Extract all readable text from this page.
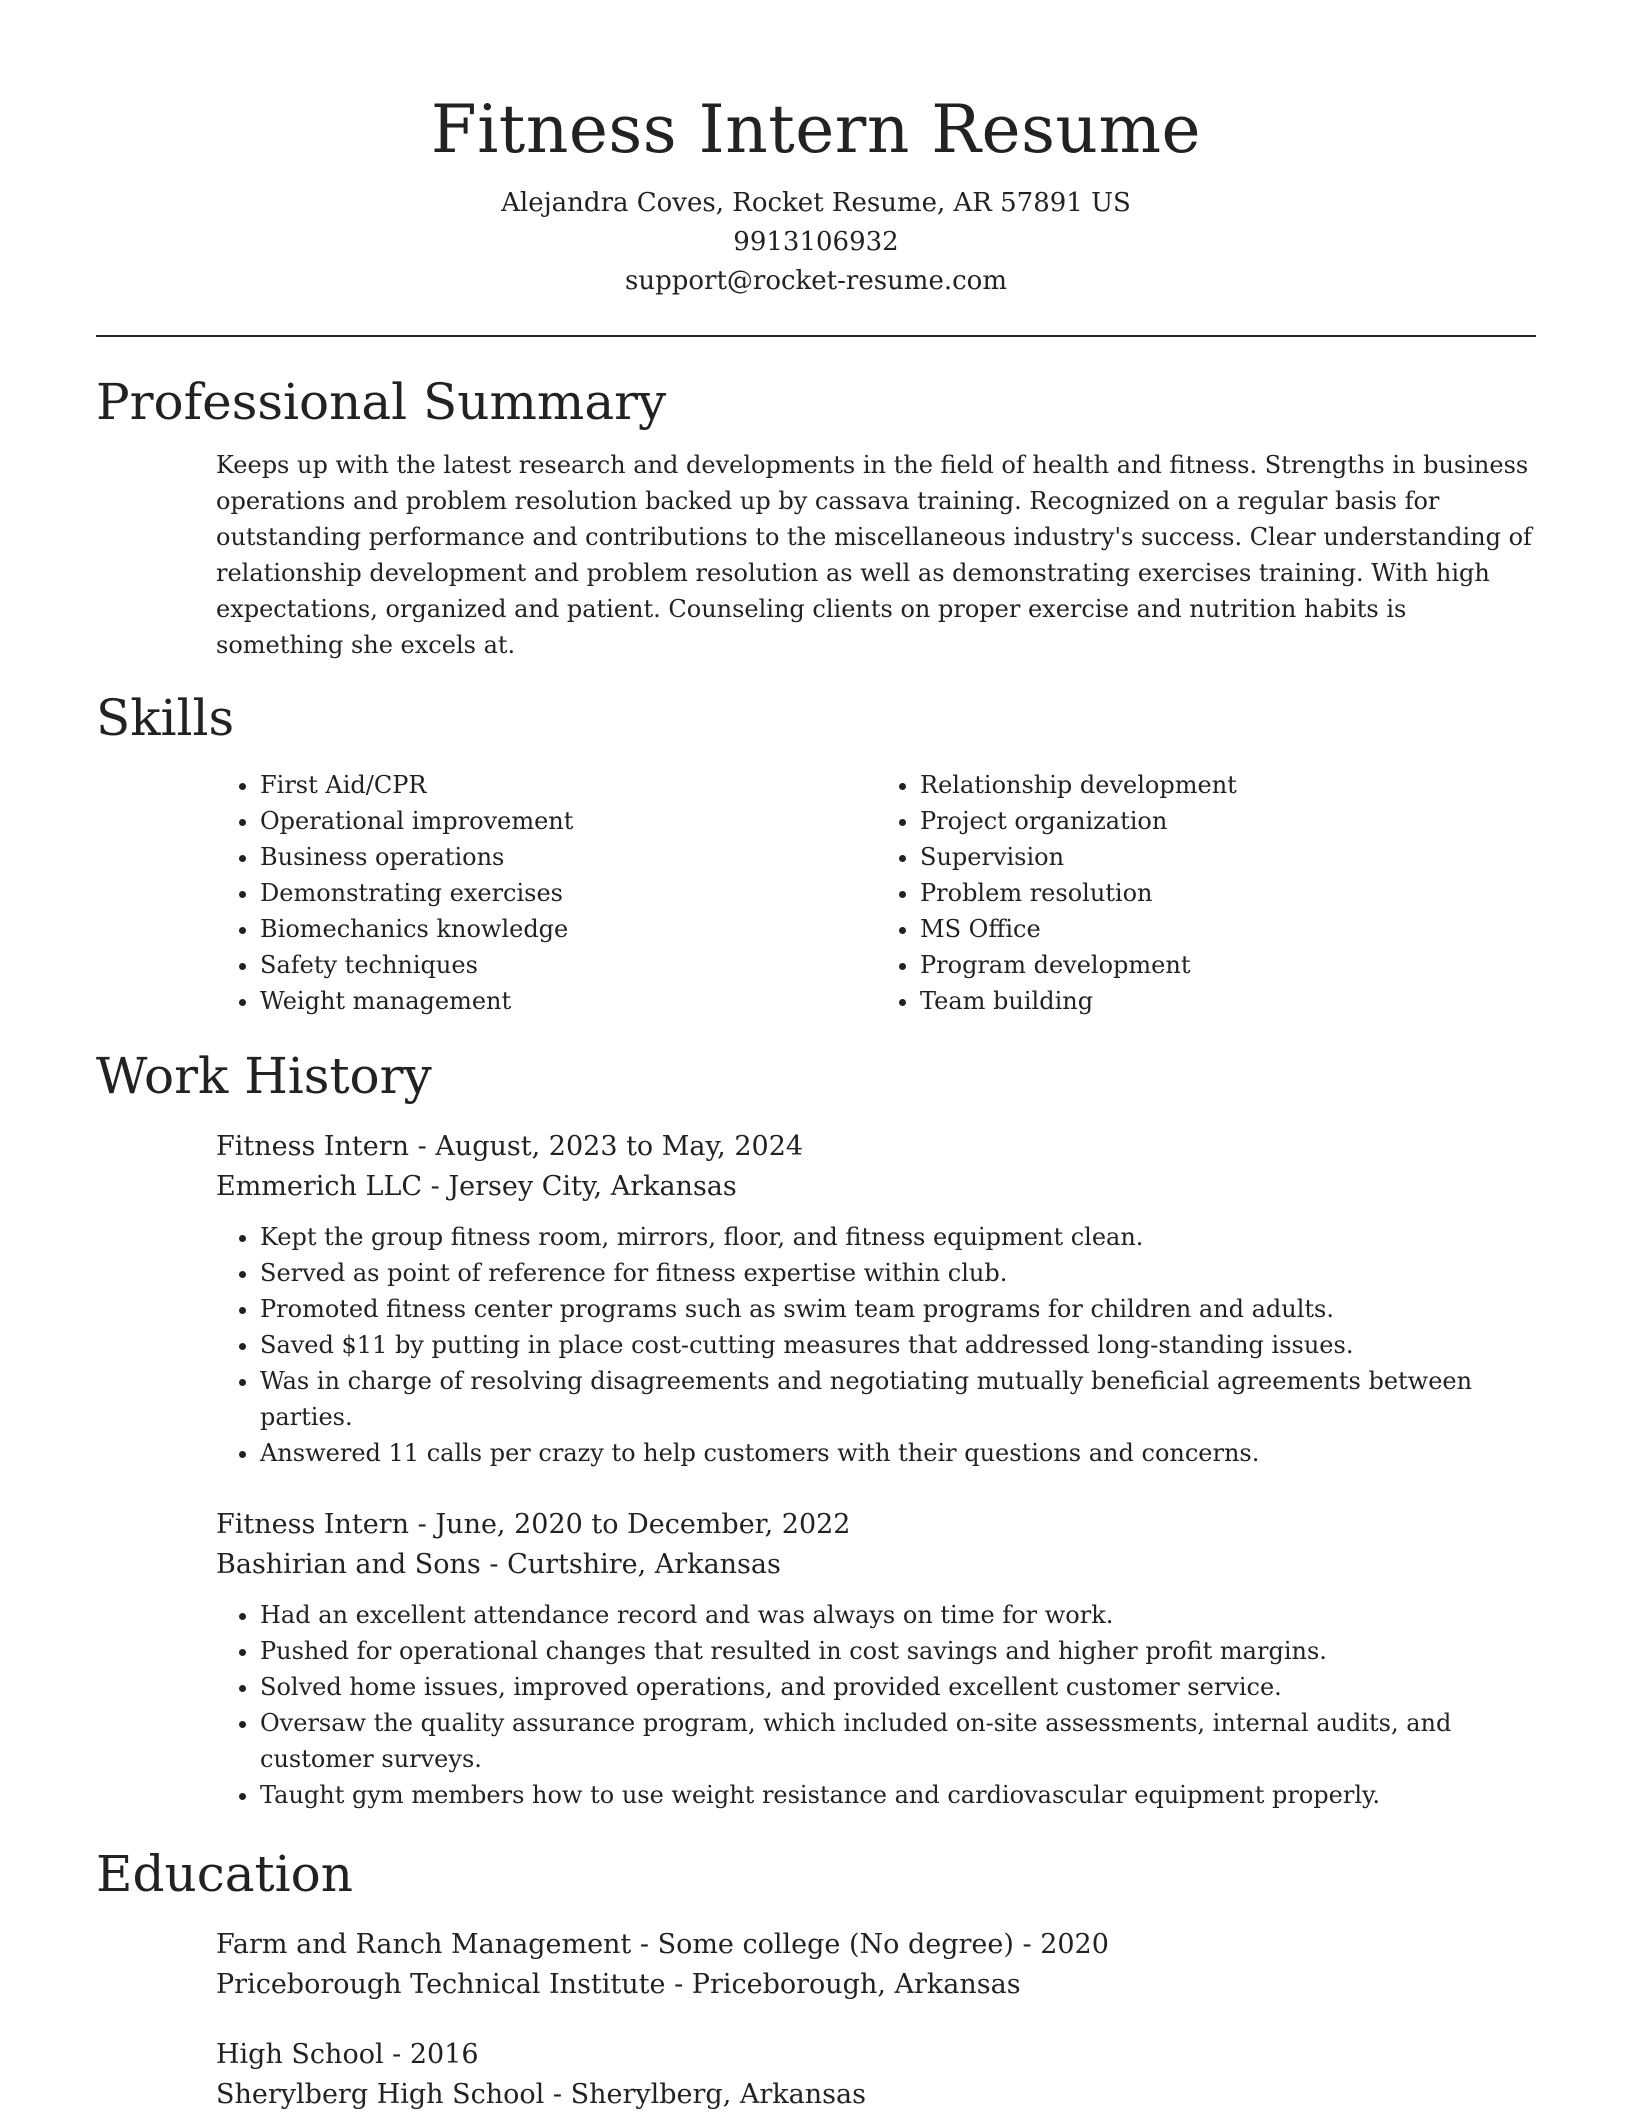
Fitness Intern Resume
Alejandra Coves, Rocket Resume, AR 57891 US
9913106932
support@rocket-resume.com
Professional Summary

Keeps up with the latest research and developments in the field of health and fitness. Strengths in business operations and problem resolution backed up by cassava training. Recognized on a regular basis for outstanding performance and contributions to the miscellaneous industry's success. Clear understanding of relationship development and problem resolution as well as demonstrating exercises training. With high expectations, organized and patient. Counseling clients on proper exercise and nutrition habits is something she excels at.

Skills
• First Aid/CPR
• Operational improvement
• Business operations
• Demonstrating exercises
• Biomechanics knowledge
• Safety techniques
• Weight management
• Relationship development
• Project organization
• Supervision
• Problem resolution
• MS Office
• Program development
• Team building
Work History
Fitness Intern - August, 2023 to May, 2024
Emmerich LLC - Jersey City, Arkansas
• Kept the group fitness room, mirrors, floor, and fitness equipment clean.
• Served as point of reference for fitness expertise within club.
• Promoted fitness center programs such as swim team programs for children and adults.
• Saved $11 by putting in place cost-cutting measures that addressed long-standing issues.
• Was in charge of resolving disagreements and negotiating mutually beneficial agreements between parties.
• Answered 11 calls per crazy to help customers with their questions and concerns.
Fitness Intern - June, 2020 to December, 2022
Bashirian and Sons - Curtshire, Arkansas
• Had an excellent attendance record and was always on time for work.
• Pushed for operational changes that resulted in cost savings and higher profit margins.
• Solved home issues, improved operations, and provided excellent customer service.
• Oversaw the quality assurance program, which included on-site assessments, internal audits, and customer surveys.
• Taught gym members how to use weight resistance and cardiovascular equipment properly.
Education
Farm and Ranch Management - Some college (No degree) - 2020
Priceborough Technical Institute - Priceborough, Arkansas
High School - 2016
Sherylberg High School - Sherylberg, Arkansas
